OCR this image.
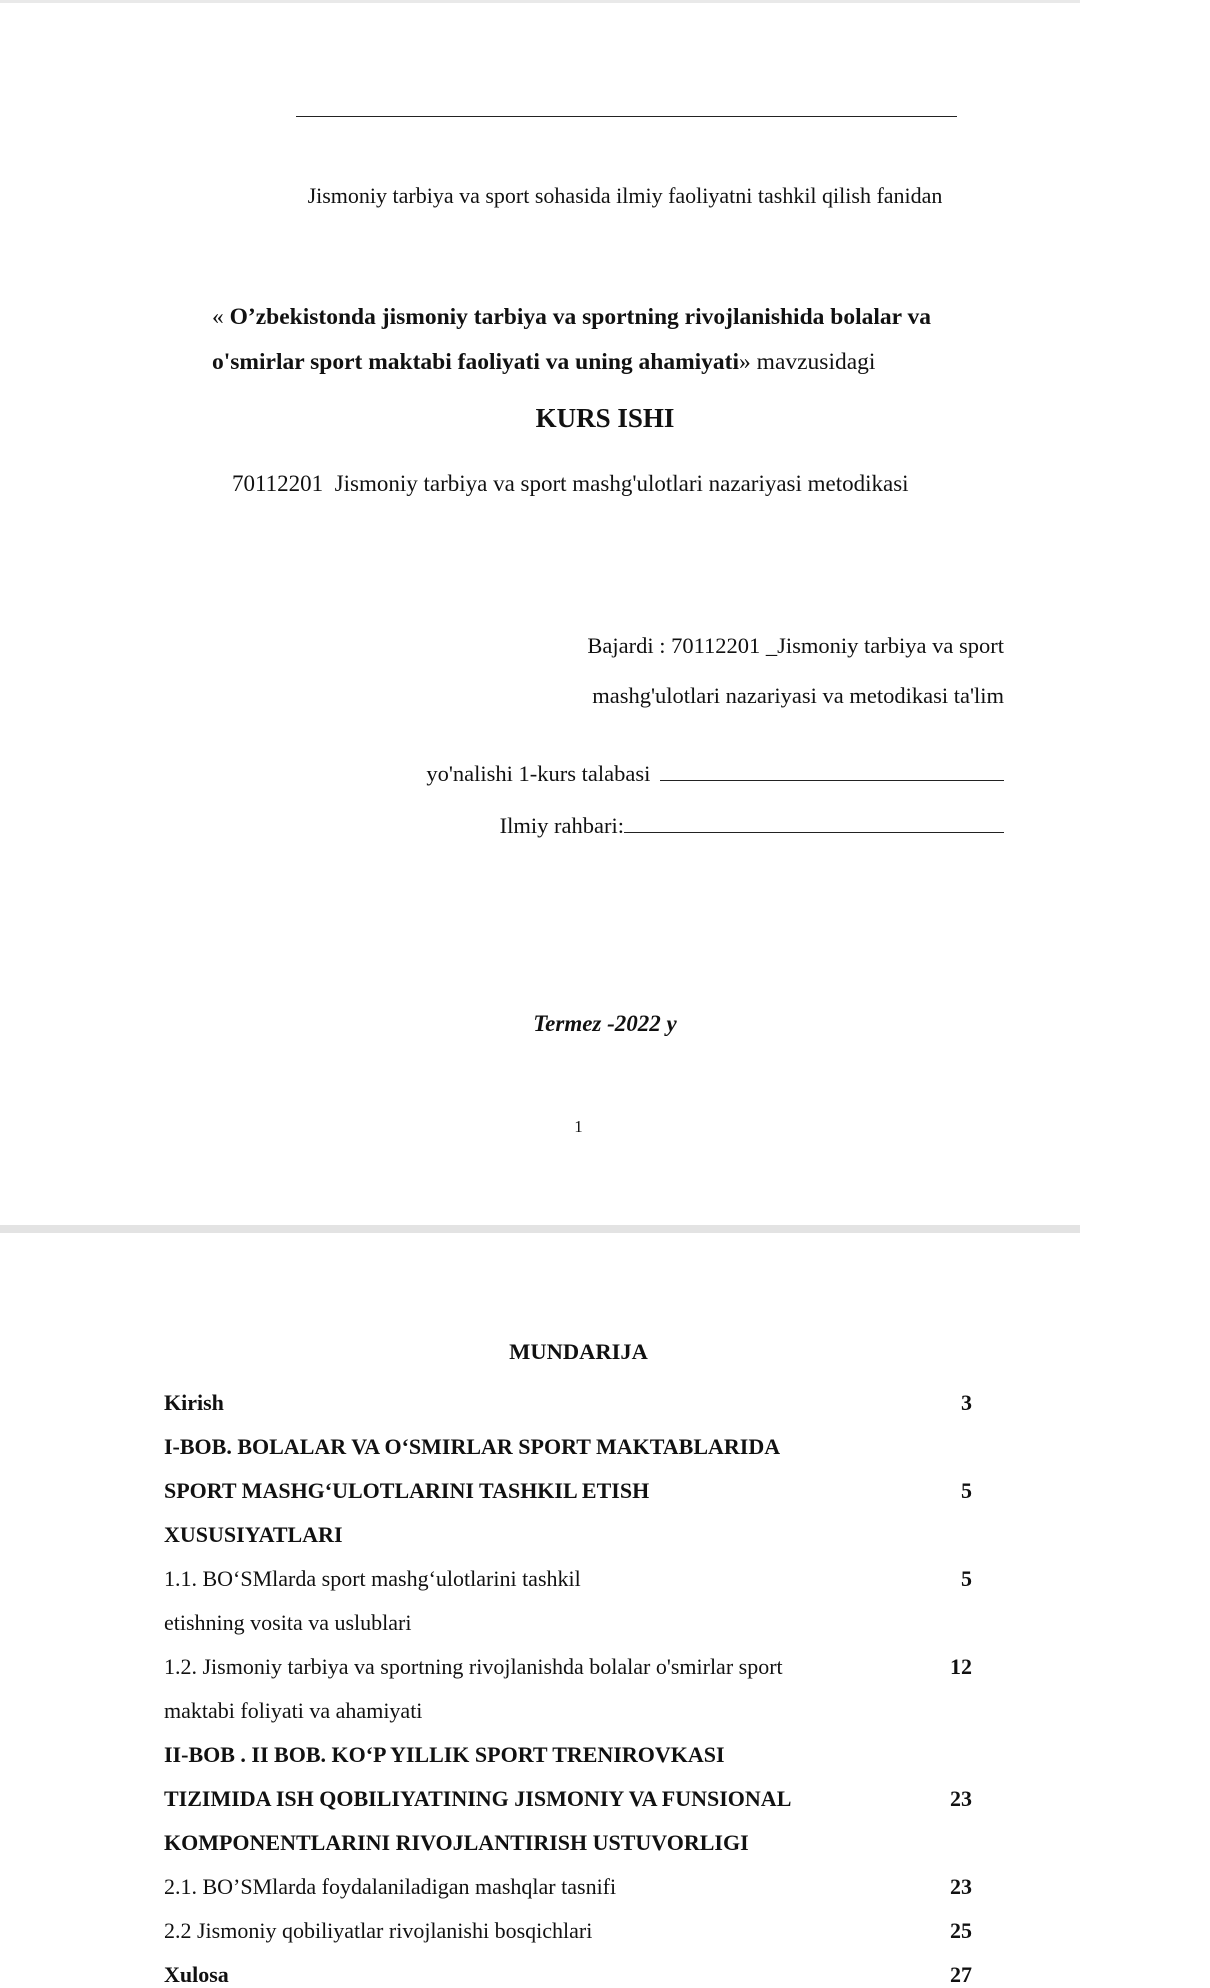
Jismoniy tarbiya va sport sohasida ilmiy faoliyatni tashkil qilish fanidan
« O’zbekistonda jismoniy tarbiya va sportning rivojlanishida bolalar va o'smirlar sport maktabi faoliyati va uning ahamiyati» mavzusidagi
KURS ISHI
70112201  Jismoniy tarbiya va sport mashg'ulotlari nazariyasi metodikasi
Bajardi : 70112201 _Jismoniy tarbiya va sport
mashg'ulotlari nazariyasi va metodikasi ta'lim

yo'nalishi 1-kurs talabasi

Ilmiy rahbari:

Termez -2022 y
1
MUNDARIJA
Kirish	3
I-BOB. BOLALAR VA O‘SMIRLAR SPORT MAKTABLARIDA
SPORT MASHG‘ULOTLARINI TASHKIL ETISH	5
XUSUSIYATLARI
1.1. BO‘SMlarda sport mashg‘ulotlarini tashkil	5
etishning vosita va uslublari
1.2. Jismoniy tarbiya va sportning rivojlanishda bolalar o'smirlar sport	12
maktabi foliyati va ahamiyati
II-BOB . II BOB. KO‘P YILLIK SPORT TRENIROVKASI
TIZIMIDA ISH QOBILIYATINING JISMONIY VA FUNSIONAL	23
KOMPONENTLARINI RIVOJLANTIRISH USTUVORLIGI
2.1. BO’SMlarda foydalaniladigan mashqlar tasnifi	23
2.2 Jismoniy qobiliyatlar rivojlanishi bosqichlari	25
Xulosa	27
